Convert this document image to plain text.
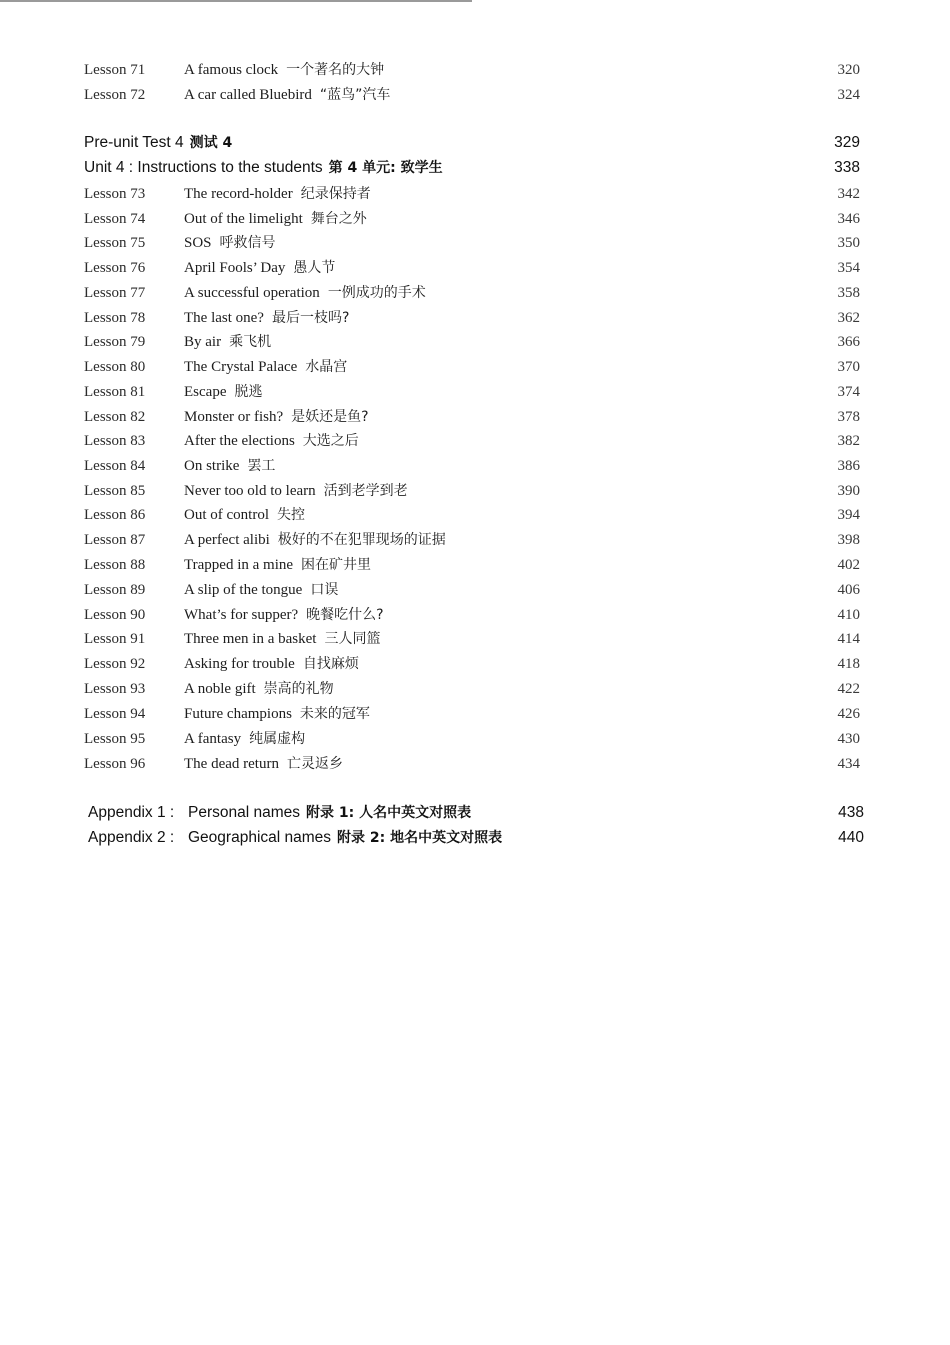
Lesson 71	A famous clock 一个著名的大钟	320
Lesson 72	A car called Bluebird “蓝鸟”汽车	324
Pre-unit Test 4 测试 4	329
Unit 4 : Instructions to the students 第 4 单元: 致学生	338
Lesson 73	The record-holder 纪录保持者	342
Lesson 74	Out of the limelight 舞台之外	346
Lesson 75	SOS 呼救信号	350
Lesson 76	April Fools’ Day 愚人节	354
Lesson 77	A successful operation 一例成功的手术	358
Lesson 78	The last one? 最后一枝吗?	362
Lesson 79	By air 乘飞机	366
Lesson 80	The Crystal Palace 水晶宫	370
Lesson 81	Escape 脱逃	374
Lesson 82	Monster or fish? 是妖还是鱼?	378
Lesson 83	After the elections 大选之后	382
Lesson 84	On strike 罢工	386
Lesson 85	Never too old to learn 活到老学到老	390
Lesson 86	Out of control 失控	394
Lesson 87	A perfect alibi 极好的不在犯罪现场的证据	398
Lesson 88	Trapped in a mine 困在矿井里	402
Lesson 89	A slip of the tongue 口误	406
Lesson 90	What’s for supper? 晚餐吃什么?	410
Lesson 91	Three men in a basket 三人同篮	414
Lesson 92	Asking for trouble 自找麻烦	418
Lesson 93	A noble gift 崇高的礼物	422
Lesson 94	Future champions 未来的冠军	426
Lesson 95	A fantasy 纯属虚构	430
Lesson 96	The dead return 亡灵返乡	434
Appendix 1 : Personal names 附录 1: 人名中英文对照表	438
Appendix 2 : Geographical names 附录 2: 地名中英文对照表	440
